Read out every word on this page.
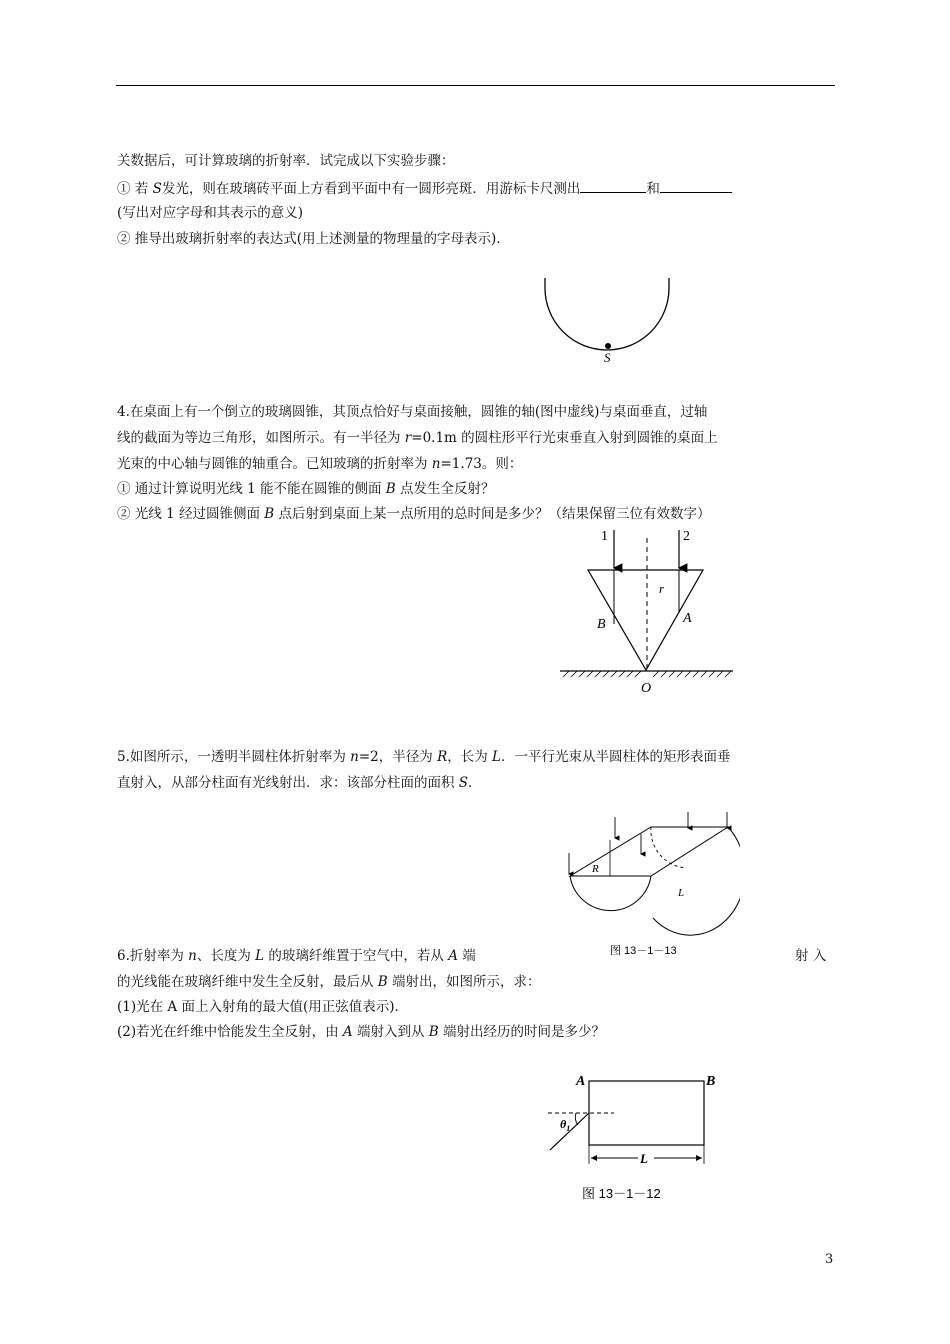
关数据后，可计算玻璃的折射率．试完成以下实验步骤：
① 若 S发光，则在玻璃砖平面上方看到平面中有一圆形亮斑．用游标卡尺测出	和
(写出对应字母和其表示的意义)
② 推导出玻璃折射率的表达式(用上述测量的物理量的字母表示)．
S
4.在桌面上有一个倒立的玻璃圆锥，其顶点恰好与桌面接触，圆锥的轴(图中虚线)与桌面垂直，过轴
线的截面为等边三角形，如图所示。有一半径为 r=0.1m 的圆柱形平行光束垂直入射到圆锥的桌面上
光束的中心轴与圆锥的轴重合。已知玻璃的折射率为 n=1.73。则：
① 通过计算说明光线 1 能不能在圆锥的侧面 B 点发生全反射？
② 光线 1 经过圆锥侧面 B 点后射到桌面上某一点所用的总时间是多少？（结果保留三位有效数字）
1	2
r
B	A
O
5.如图所示，一透明半圆柱体折射率为 n=2，半径为 R，长为 L．一平行光束从半圆柱体的矩形表面垂
直射入，从部分柱面有光线射出．求：该部分柱面的面积 S．
R
L
图 13－1－13
6.折射率为 n、长度为 L 的玻璃纤维置于空气中，若从 A 端	射 入
的光线能在玻璃纤维中发生全反射，最后从 B 端射出，如图所示，求：
(1)光在 A 面上入射角的最大值(用正弦值表示)．
(2)若光在纤维中恰能发生全反射，由 A 端射入到从 B 端射出经历的时间是多少？
A	B
$\theta_1$
L
图 13－1－12
3
